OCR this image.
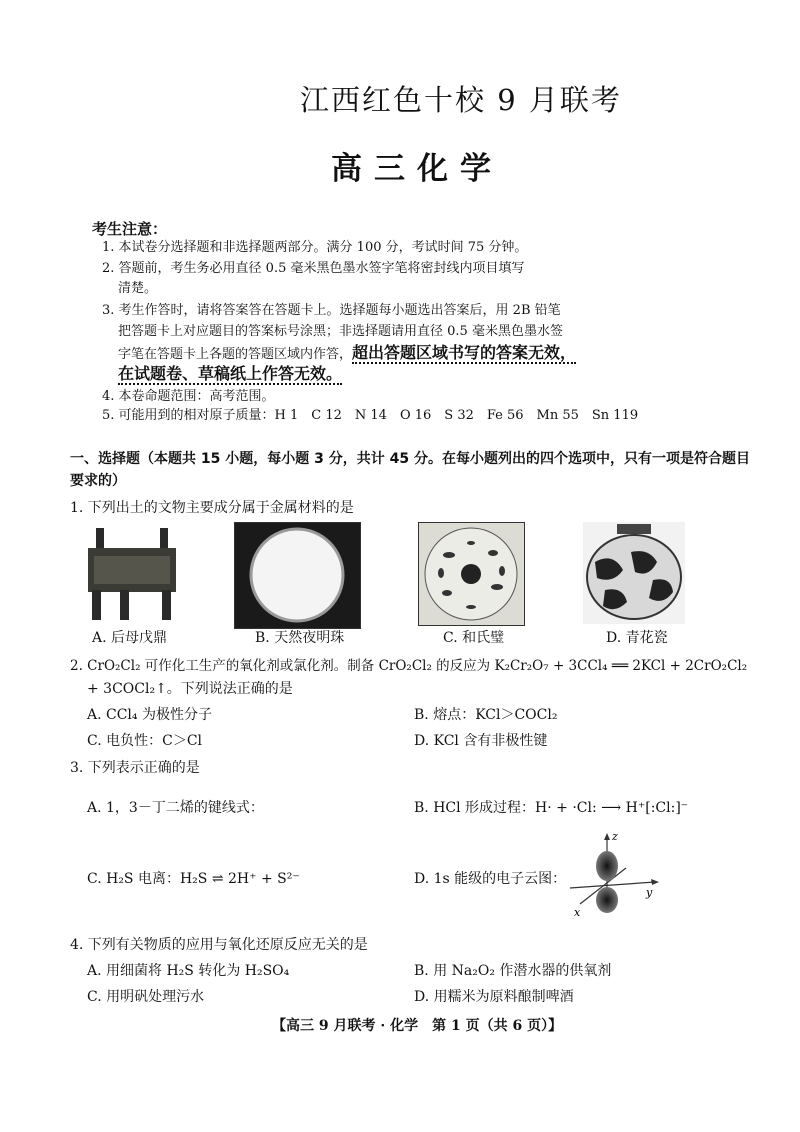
江西红色十校 9 月联考
高三化学
考生注意：
1. 本试卷分选择题和非选择题两部分。满分 100 分，考试时间 75 分钟。
2. 答题前，考生务必用直径 0.5 毫米黑色墨水签字笔将密封线内项目填写
清楚。
3. 考生作答时，请将答案答在答题卡上。选择题每小题选出答案后，用 2B 铅笔
把答题卡上对应题目的答案标号涂黑；非选择题请用直径 0.5 毫米黑色墨水签
字笔在答题卡上各题的答题区域内作答，超出答题区域书写的答案无效，
在试题卷、草稿纸上作答无效。
4. 本卷命题范围：高考范围。
5. 可能用到的相对原子质量：H 1　C 12　N 14　O 16　S 32　Fe 56　Mn 55　Sn 119
一、选择题（本题共 15 小题，每小题 3 分，共计 45 分。在每小题列出的四个选项中，只有一项是符合题目要求的）
1. 下列出土的文物主要成分属于金属材料的是
A. 后母戊鼎	B. 天然夜明珠	C. 和氏璧	D. 青花瓷
2. CrO₂Cl₂ 可作化工生产的氧化剂或氯化剂。制备 CrO₂Cl₂ 的反应为 K₂Cr₂O₇ + 3CCl₄ ══ 2KCl + 2CrO₂Cl₂
+ 3COCl₂↑。下列说法正确的是
A. CCl₄ 为极性分子	B. 熔点：KCl＞COCl₂
C. 电负性：C＞Cl	D. KCl 含有非极性键
3. 下列表示正确的是
A. 1，3－丁二烯的键线式：	B. HCl 形成过程：H· + ·Cl: ⟶ H⁺[:Cl:]⁻
C. H₂S 电离：H₂S ⇌ 2H⁺ + S²⁻	D. 1s 能级的电子云图：
z
y
x
4. 下列有关物质的应用与氧化还原反应无关的是
A. 用细菌将 H₂S 转化为 H₂SO₄	B. 用 Na₂O₂ 作潜水器的供氧剂
C. 用明矾处理污水	D. 用糯米为原料酿制啤酒
【高三 9 月联考 · 化学　第 1 页（共 6 页）】
